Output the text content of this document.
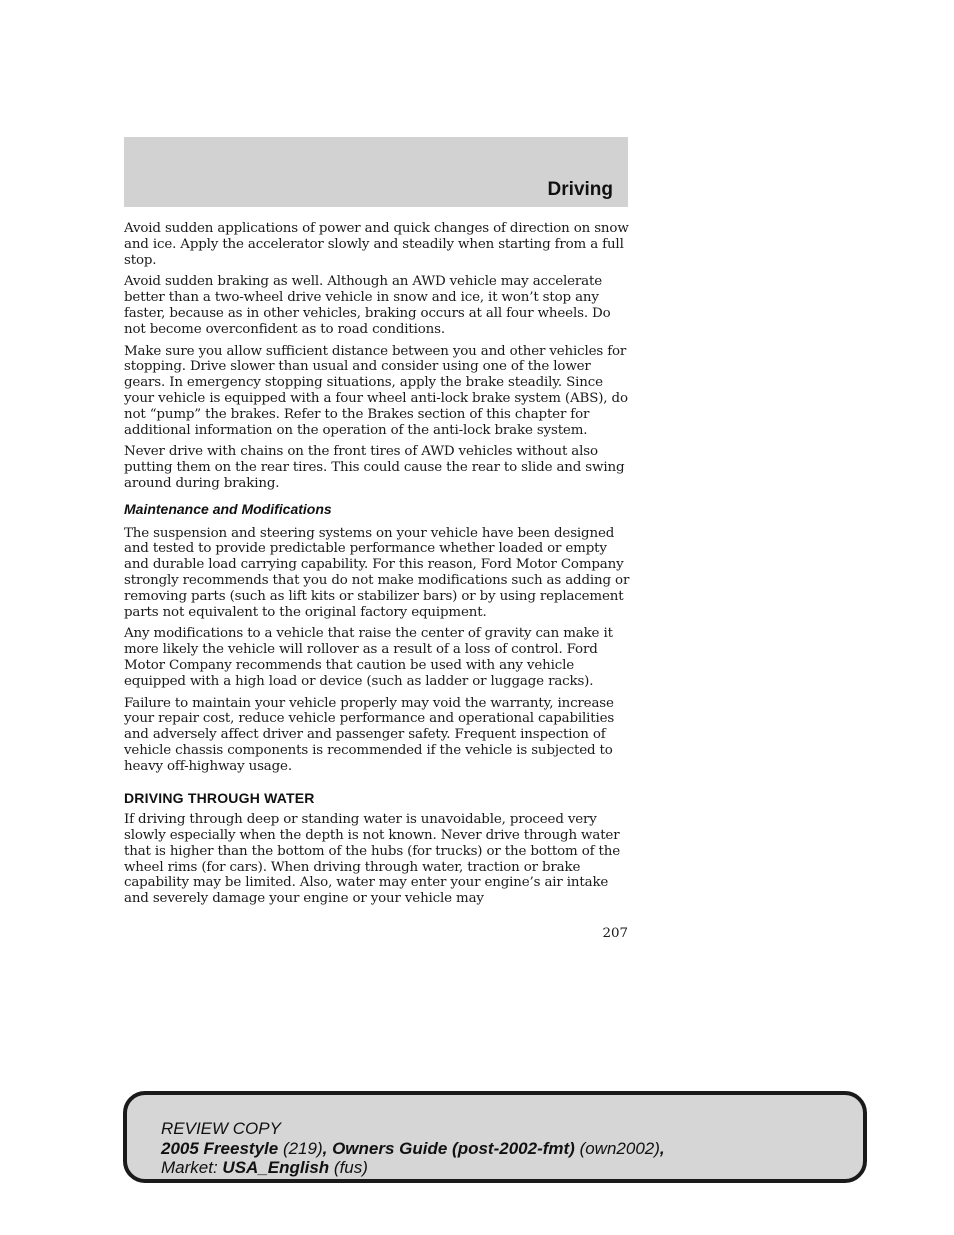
Driving

Avoid sudden applications of power and quick changes of direction on snow and ice. Apply the accelerator slowly and steadily when starting from a full stop.

Avoid sudden braking as well. Although an AWD vehicle may accelerate better than a two-wheel drive vehicle in snow and ice, it won’t stop any faster, because as in other vehicles, braking occurs at all four wheels. Do not become overconfident as to road conditions.

Make sure you allow sufficient distance between you and other vehicles for stopping. Drive slower than usual and consider using one of the lower gears. In emergency stopping situations, apply the brake steadily. Since your vehicle is equipped with a four wheel anti-lock brake system (ABS), do not “pump” the brakes. Refer to the Brakes section of this chapter for additional information on the operation of the anti-lock brake system.

Never drive with chains on the front tires of AWD vehicles without also putting them on the rear tires. This could cause the rear to slide and swing around during braking.

Maintenance and Modifications

The suspension and steering systems on your vehicle have been designed and tested to provide predictable performance whether loaded or empty and durable load carrying capability. For this reason, Ford Motor Company strongly recommends that you do not make modifications such as adding or removing parts (such as lift kits or stabilizer bars) or by using replacement parts not equivalent to the original factory equipment.

Any modifications to a vehicle that raise the center of gravity can make it more likely the vehicle will rollover as a result of a loss of control. Ford Motor Company recommends that caution be used with any vehicle equipped with a high load or device (such as ladder or luggage racks).

Failure to maintain your vehicle properly may void the warranty, increase your repair cost, reduce vehicle performance and operational capabilities and adversely affect driver and passenger safety. Frequent inspection of vehicle chassis components is recommended if the vehicle is subjected to heavy off-highway usage.

DRIVING THROUGH WATER

If driving through deep or standing water is unavoidable, proceed very slowly especially when the depth is not known. Never drive through water that is higher than the bottom of the hubs (for trucks) or the bottom of the wheel rims (for cars). When driving through water, traction or brake capability may be limited. Also, water may enter your engine’s air intake and severely damage your engine or your vehicle may

207
REVIEW COPY
2005 Freestyle (219), Owners Guide (post-2002-fmt) (own2002),
Market: USA_English (fus)
